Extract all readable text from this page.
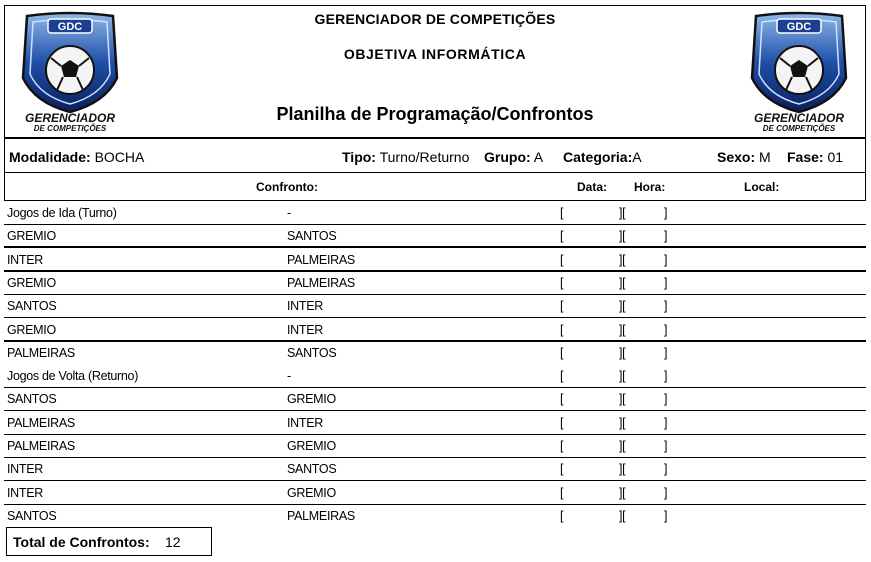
GDC
GERENCIADOR
DE COMPETIÇÕES
GDC
GERENCIADOR
DE COMPETIÇÕES
GERENCIADOR DE COMPETIÇÕES
OBJETIVA INFORMÁTICA
Planilha de Programação/Confrontos
Modalidade: BOCHA	Tipo: Turno/Returno Grupo: A Categoria:A	Sexo: M Fase: 01
Confronto:	Data: Hora:	Local:
Jogos de Ida (Turno)	-	[	][	]
GREMIO	SANTOS	[	][	]
INTER	PALMEIRAS	[	][	]
GREMIO	PALMEIRAS	[	][	]
SANTOS	INTER	[	][	]
GREMIO	INTER	[	][	]
PALMEIRAS	SANTOS	[	][	]
Jogos de Volta (Returno)	-	[	][	]
SANTOS	GREMIO	[	][	]
PALMEIRAS	INTER	[	][	]
PALMEIRAS	GREMIO	[	][	]
INTER	SANTOS	[	][	]
INTER	GREMIO	[	][	]
SANTOS	PALMEIRAS	[	][	]
Total de Confrontos: 12
